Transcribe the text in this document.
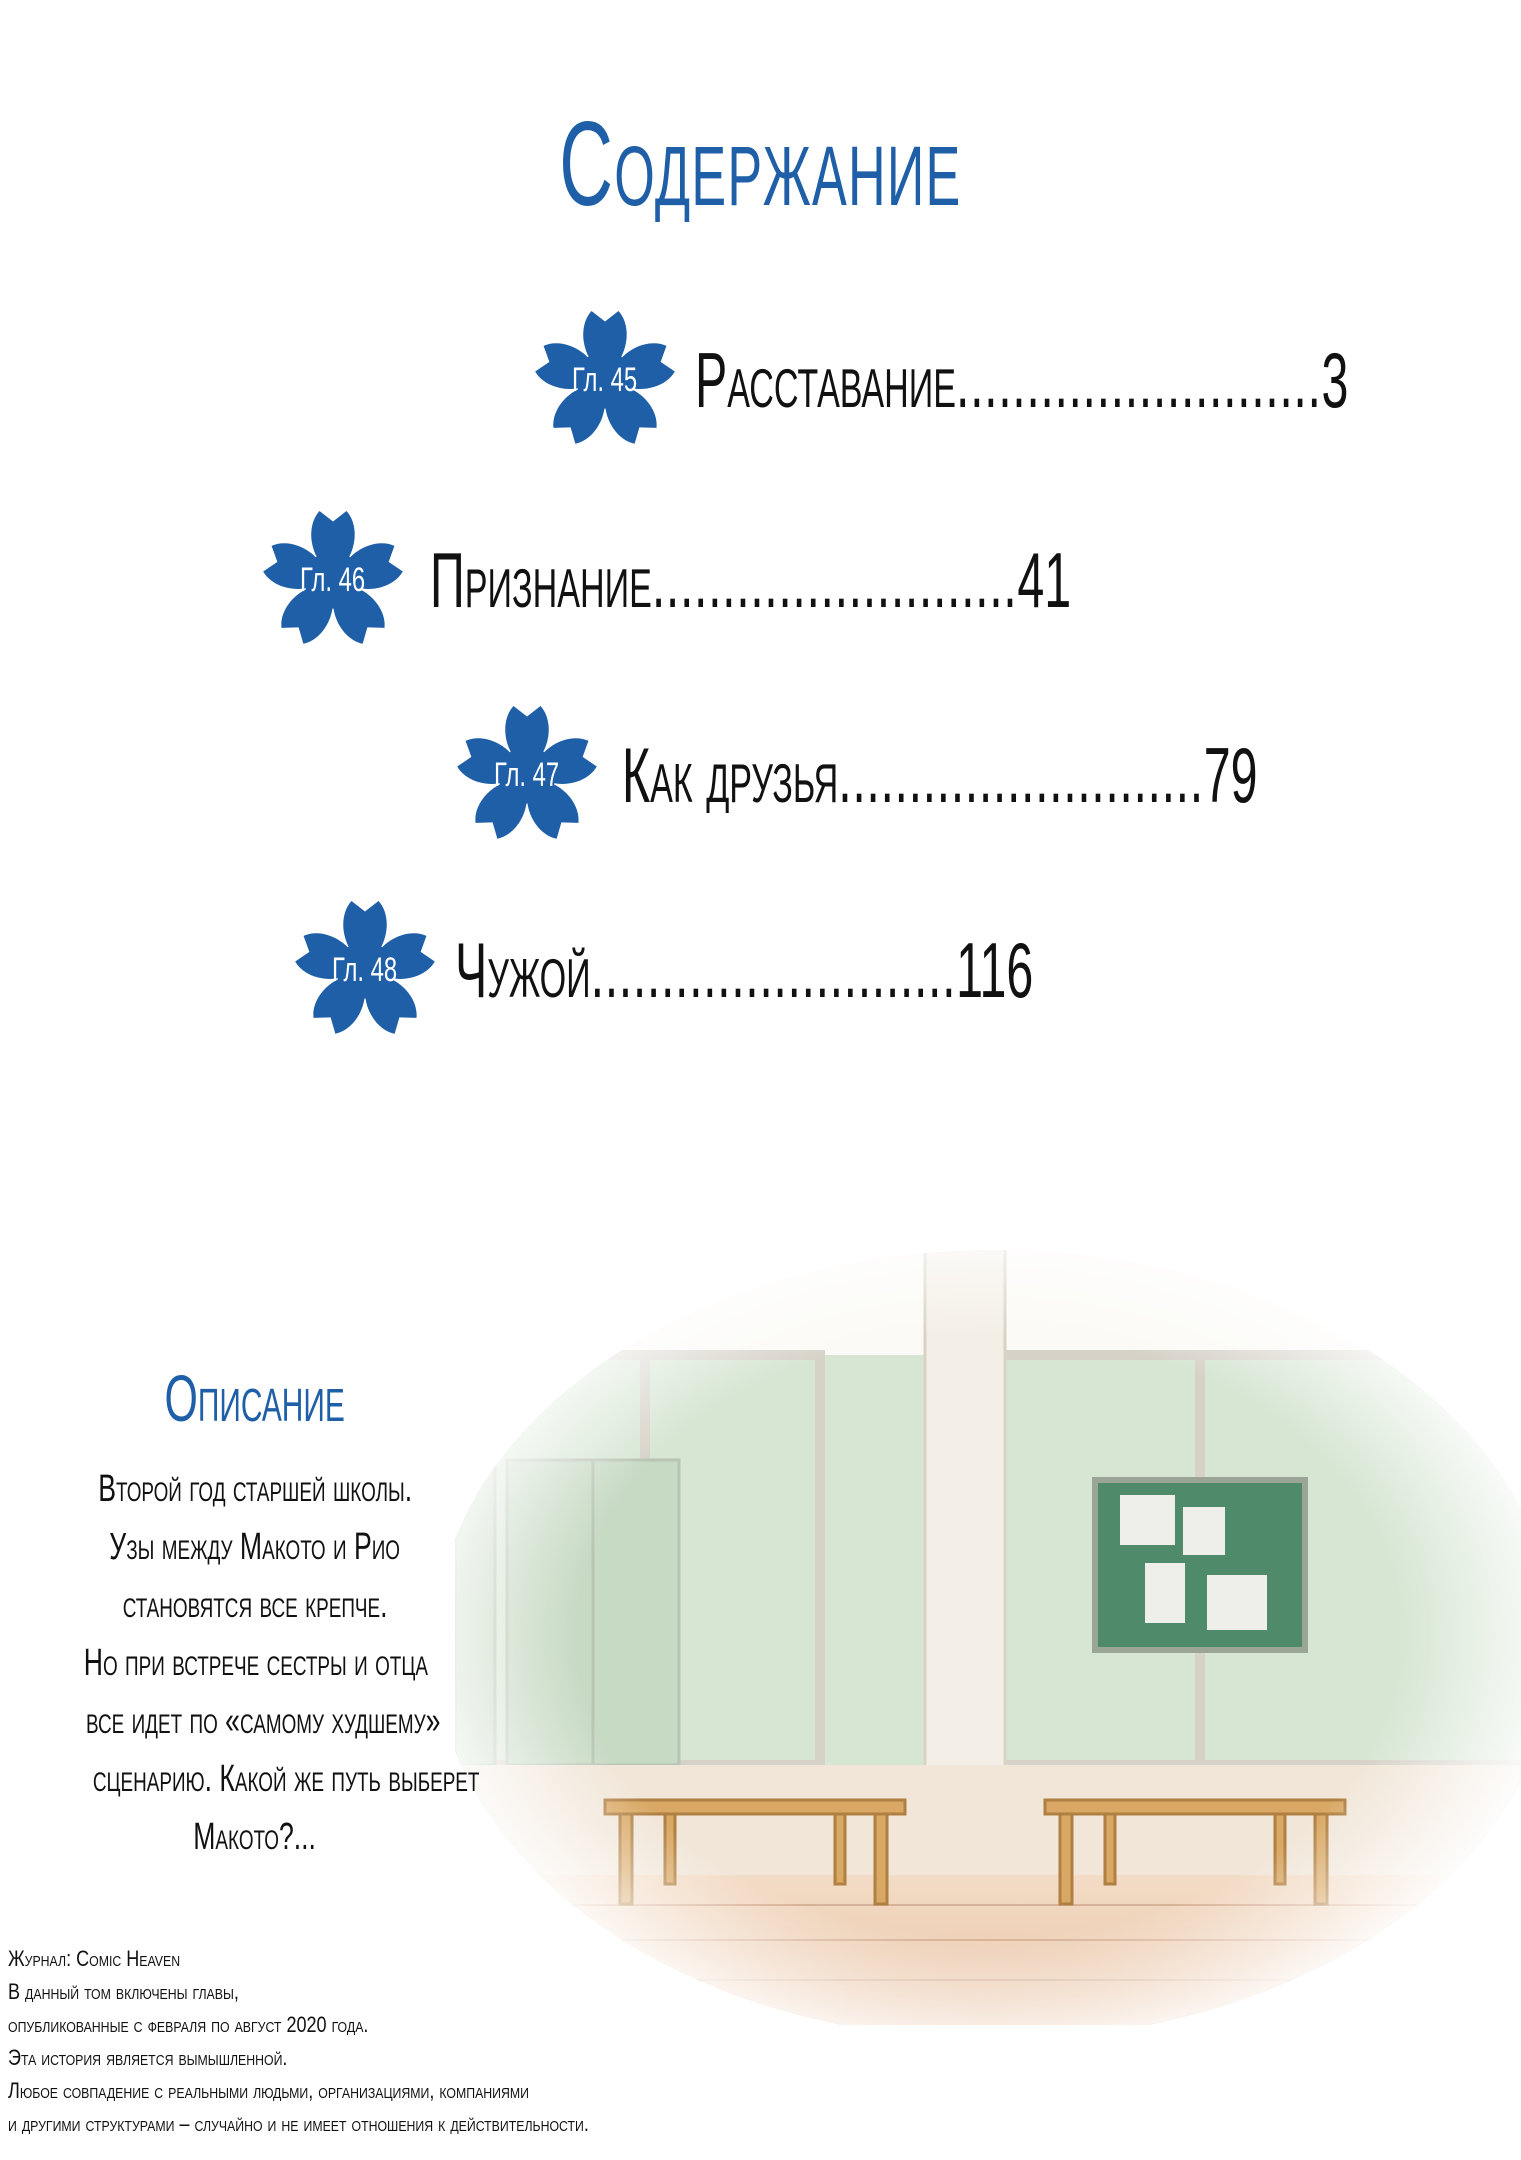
Содержание
Гл. 45 Расставание..........................3
Гл. 46 Признание..........................41
Гл. 47 Как друзья..........................79
Гл. 48 Чужой..........................116
Описание
Второй год старшей школы.
Узы между Макото и Рио
становятся все крепче.
Но при встрече сестры и отца
все идет по «самому худшему»
сценарию. Какой же путь выберет
Макото?...
Журнал: Comic Heaven
В данный том включены главы,
опубликованные с февраля по август 2020 года.
Эта история является вымышленной.
Любое совпадение с реальными людьми, организациями, компаниями
и другими структурами – случайно и не имеет отношения к действительности.
